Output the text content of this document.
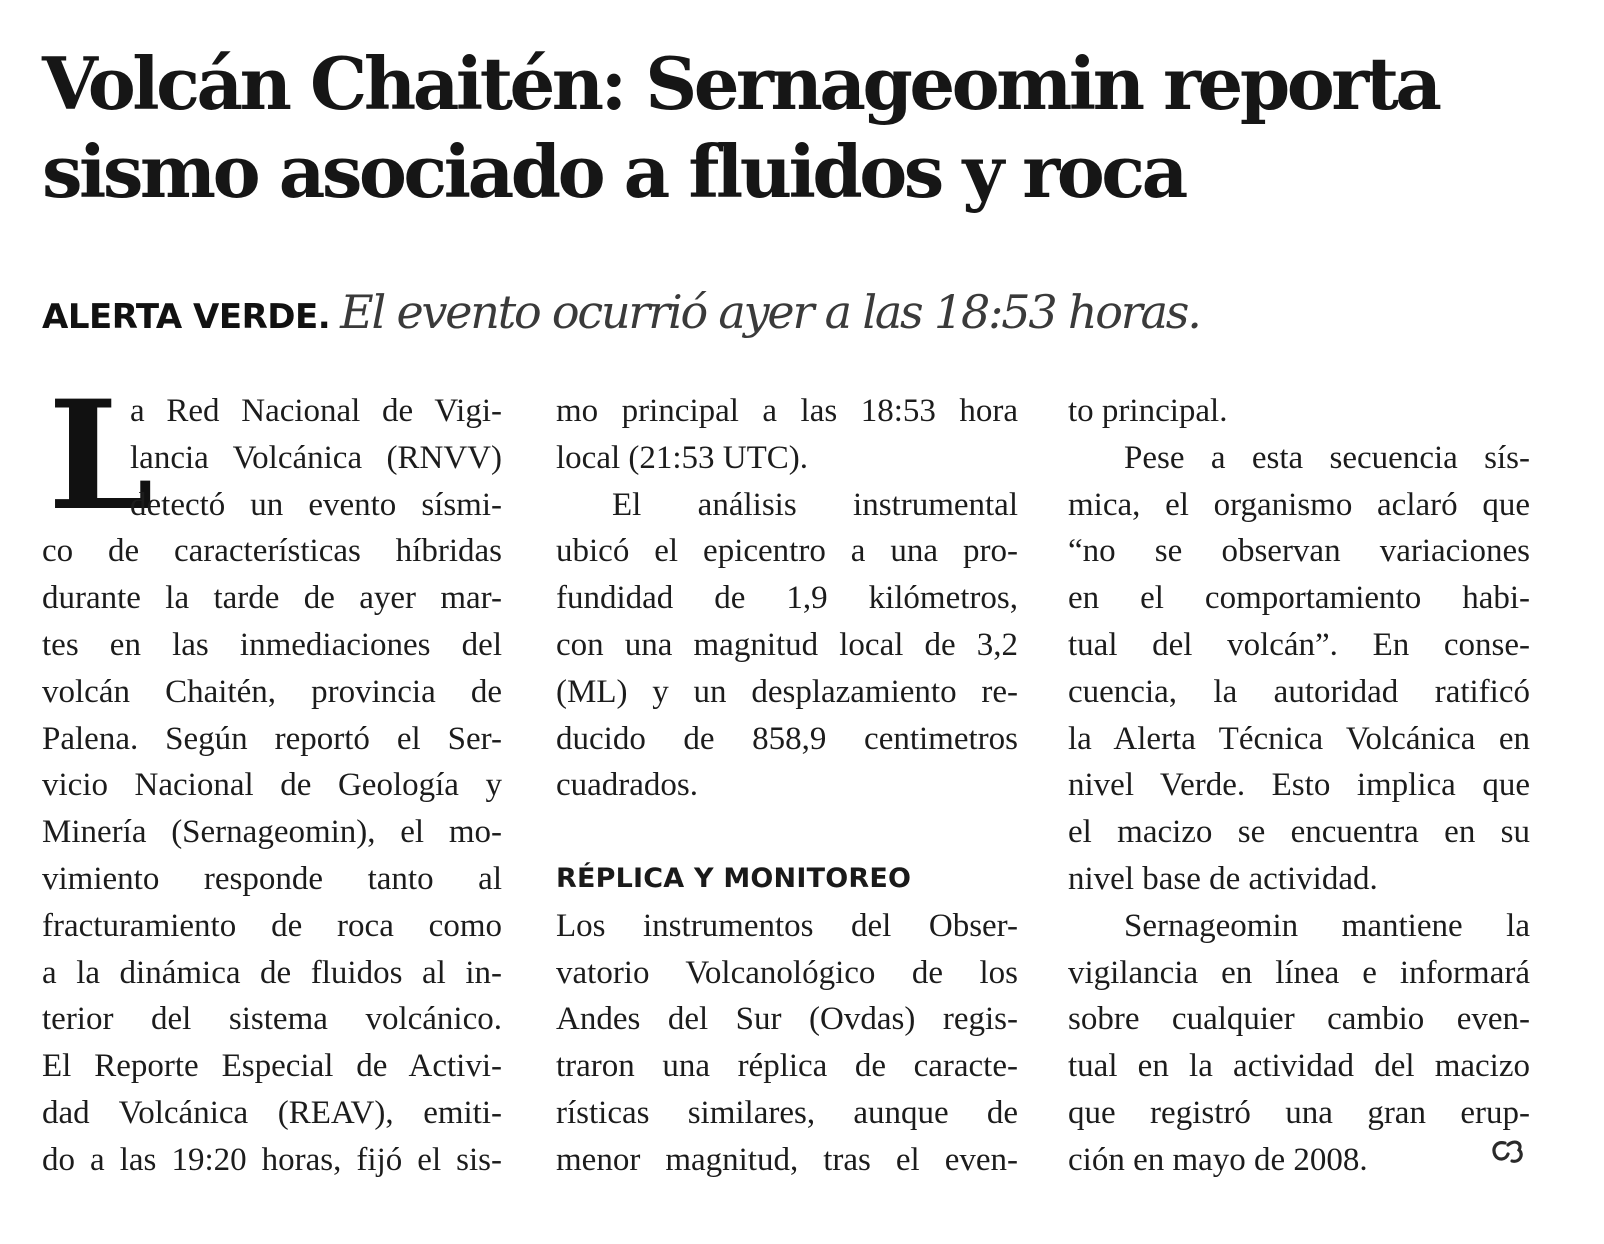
Volcán Chaitén: Sernageomin reporta
sismo asociado a fluidos y roca
ALERTA VERDE. El evento ocurrió ayer a las 18:53 horas.
L
a Red Nacional de Vigi-
lancia Volcánica (RNVV)
detectó un evento sísmi-
co de características híbridas
durante la tarde de ayer mar-
tes en las inmediaciones del
volcán Chaitén, provincia de
Palena. Según reportó el Ser-
vicio Nacional de Geología y
Minería (Sernageomin), el mo-
vimiento responde tanto al
fracturamiento de roca como
a la dinámica de fluidos al in-
terior del sistema volcánico.
El Reporte Especial de Activi-
dad Volcánica (REAV), emiti-
do a las 19:20 horas, fijó el sis-
mo principal a las 18:53 hora
local (21:53 UTC).
El análisis instrumental
ubicó el epicentro a una pro-
fundidad de 1,9 kilómetros,
con una magnitud local de 3,2
(ML) y un desplazamiento re-
ducido de 858,9 centimetros
cuadrados.
RÉPLICA Y MONITOREO
Los instrumentos del Obser-
vatorio Volcanológico de los
Andes del Sur (Ovdas) regis-
traron una réplica de caracte-
rísticas similares, aunque de
menor magnitud, tras el even-
to principal.
Pese a esta secuencia sís-
mica, el organismo aclaró que
“no se observan variaciones
en el comportamiento habi-
tual del volcán”. En conse-
cuencia, la autoridad ratificó
la Alerta Técnica Volcánica en
nivel Verde. Esto implica que
el macizo se encuentra en su
nivel base de actividad.
Sernageomin mantiene la
vigilancia en línea e informará
sobre cualquier cambio even-
tual en la actividad del macizo
que registró una gran erup-
ción en mayo de 2008.
